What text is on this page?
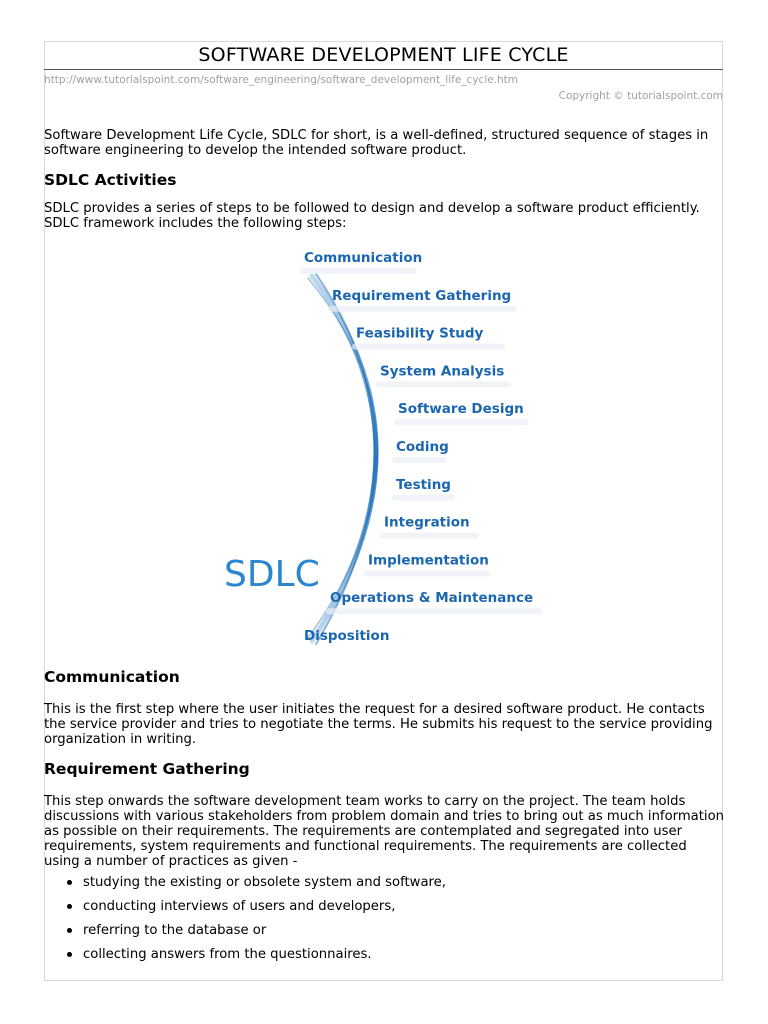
SOFTWARE DEVELOPMENT LIFE CYCLE
http://www.tutorialspoint.com/software_engineering/software_development_life_cycle.htm
Copyright © tutorialspoint.com

Software Development Life Cycle, SDLC for short, is a well-defined, structured sequence of stages in software engineering to develop the intended software product.

SDLC Activities

SDLC provides a series of steps to be followed to design and develop a software product efficiently. SDLC framework includes the following steps:

SDLC
Communication
Requirement Gathering
Feasibility Study
System Analysis
Software Design
Coding
Testing
Integration
Implementation
Operations & Maintenance
Disposition
Communication

This is the first step where the user initiates the request for a desired software product. He contacts the service provider and tries to negotiate the terms. He submits his request to the service providing organization in writing.

Requirement Gathering

This step onwards the software development team works to carry on the project. The team holds discussions with various stakeholders from problem domain and tries to bring out as much information as possible on their requirements. The requirements are contemplated and segregated into user requirements, system requirements and functional requirements. The requirements are collected using a number of practices as given -

studying the existing or obsolete system and software,
conducting interviews of users and developers,
referring to the database or
collecting answers from the questionnaires.
